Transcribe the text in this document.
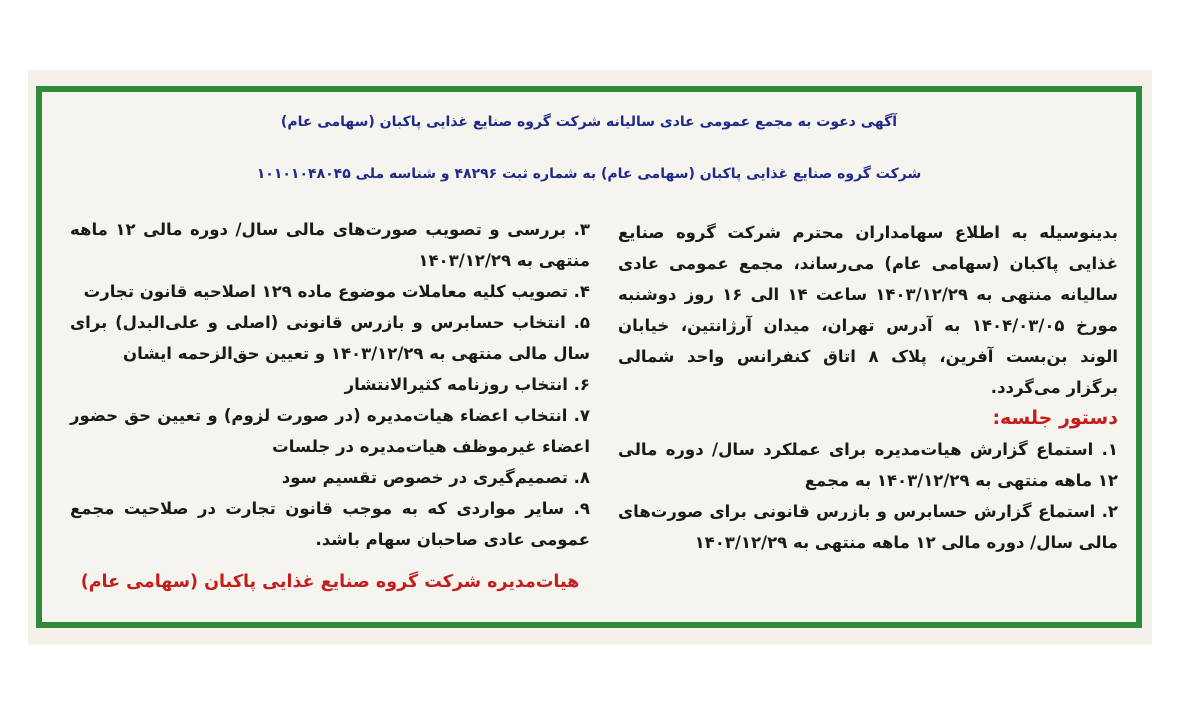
آگهی دعوت به مجمع عمومی عادی سالیانه شرکت گروه صنایع غذایی پاکبان (سهامی عام)
شرکت گروه صنایع غذایی پاکبان (سهامی عام) به شماره ثبت ۴۸۲۹۶ و شناسه ملی ۱۰۱۰۱۰۴۸۰۴۵

بدینوسیله به اطلاع سهامداران محترم شرکت گروه صنایع غذایی پاکبان (سهامی عام) می‌رساند، مجمع عمومی عادی سالیانه منتهی به ۱۴۰۳/۱۲/۲۹ ساعت ۱۴ الی ۱۶ روز دوشنبه مورخ ۱۴۰۴/۰۳/۰۵ به آدرس تهران، میدان آرژانتین، خیابان الوند بن‌بست آفرین، پلاک ۸ اتاق کنفرانس واحد شمالی برگزار می‌گردد.

دستور جلسه:

۱. استماع گزارش هیات‌مدیره برای عملکرد سال/ دوره مالی ۱۲ ماهه منتهی به ۱۴۰۳/۱۲/۲۹ به مجمع

۲. استماع گزارش حسابرس و بازرس قانونی برای صورت‌های مالی سال/ دوره مالی ۱۲ ماهه منتهی به ۱۴۰۳/۱۲/۲۹

۳. بررسی و تصویب صورت‌های مالی سال/ دوره مالی ۱۲ ماهه منتهی به ۱۴۰۳/۱۲/۲۹

۴. تصویب کلیه معاملات موضوع ماده ۱۲۹ اصلاحیه قانون تجارت

۵. انتخاب حسابرس و بازرس قانونی (اصلی و علی‌البدل) برای سال مالی منتهی به ۱۴۰۳/۱۲/۲۹ و تعیین حق‌الزحمه ایشان

۶. انتخاب روزنامه کثیرالانتشار

۷. انتخاب اعضاء هیات‌مدیره (در صورت لزوم) و تعیین حق حضور اعضاء غیرموظف هیات‌مدیره در جلسات

۸. تصمیم‌گیری در خصوص تقسیم سود

۹. سایر مواردی که به موجب قانون تجارت در صلاحیت مجمع عمومی عادی صاحبان سهام باشد.

هیات‌مدیره شرکت گروه صنایع غذایی پاکبان (سهامی عام)
